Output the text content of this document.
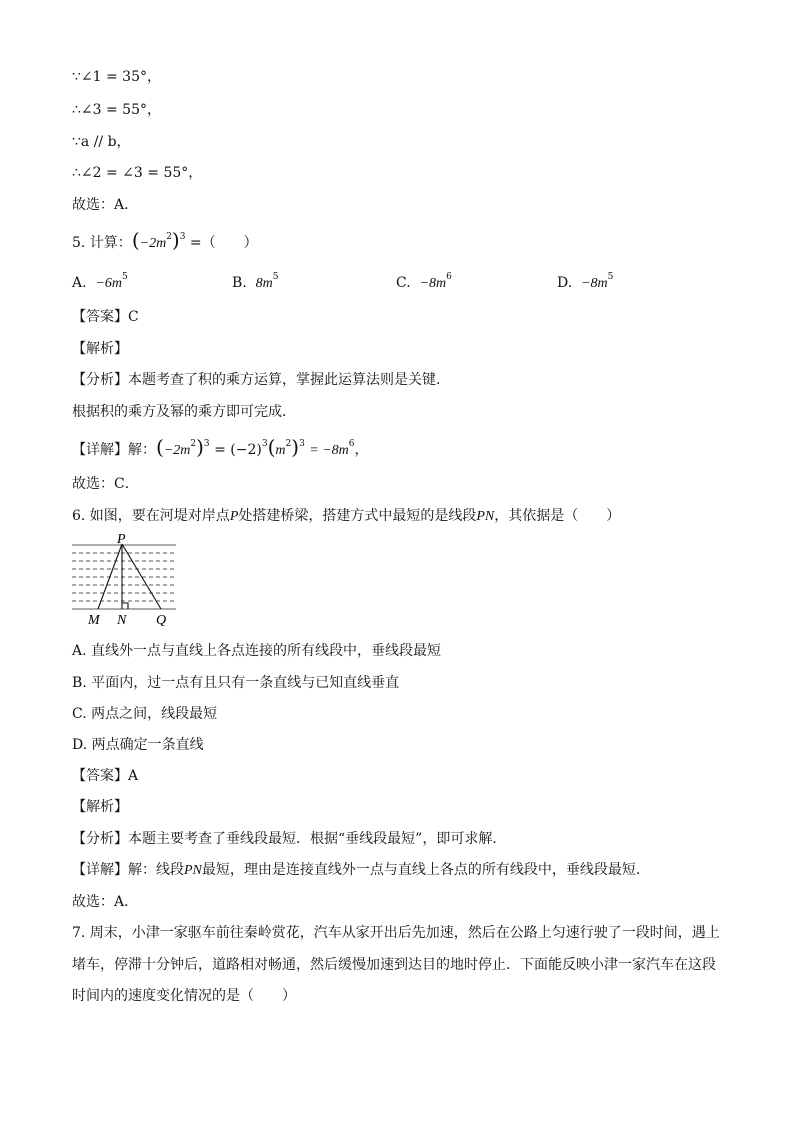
∵∠1 = 35°，
∴∠3 = 55°，
∵a // b，
∴∠2 = ∠3 = 55°，
故选：A．
5. 计算：$(-2m^2)^3$ =（　　）
A. $-6m^5$	B. $8m^5$	C. $-8m^6$	D. $-8m^5$
【答案】C
【解析】
【分析】本题考查了积的乘方运算，掌握此运算法则是关键．
根据积的乘方及幂的乘方即可完成．
【详解】解：$(-2m^2)^3 = (-2)^3(m^2)^3 = -8m^6$，
故选：C．
6. 如图，要在河堤对岸点P处搭建桥梁，搭建方式中最短的是线段PN，其依据是（　　）
P
M N Q
A. 直线外一点与直线上各点连接的所有线段中，垂线段最短
B. 平面内，过一点有且只有一条直线与已知直线垂直
C. 两点之间，线段最短
D. 两点确定一条直线
【答案】A
【解析】
【分析】本题主要考查了垂线段最短．根据“垂线段最短”，即可求解．
【详解】解：线段PN最短，理由是连接直线外一点与直线上各点的所有线段中，垂线段最短．
故选：A．
7. 周末，小津一家驱车前往秦岭赏花，汽车从家开出后先加速，然后在公路上匀速行驶了一段时间，遇上
堵车，停滞十分钟后，道路相对畅通，然后缓慢加速到达目的地时停止．下面能反映小津一家汽车在这段
时间内的速度变化情况的是（　　）
